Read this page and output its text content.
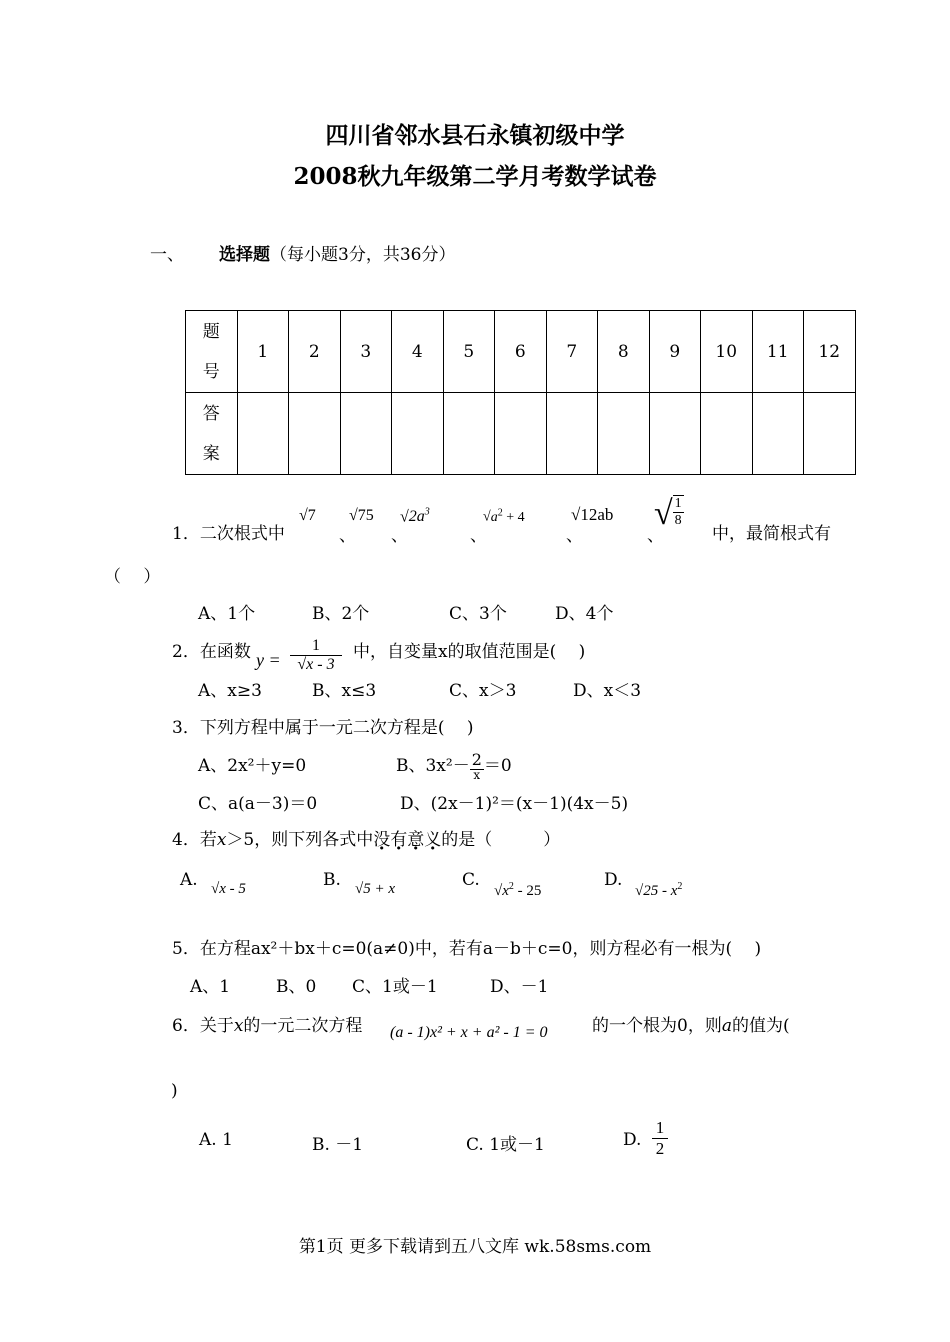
四川省邻水县石永镇初级中学
2008秋九年级第二学月考数学试卷
一、 选择题（每小题3分，共36分）
题
号	1	2	3	4	5	6	7	8	9	10	11	12
答
案												
1．二次根式中
√7
、
√75
、
$√2a^3$
、
$√a^2 + 4$
、
√12ab
、
√ $\frac{1}{8}$
中，最简根式有
（　 ）
A、1个	B、2个	C、3个	D、4个
2．在函数 $y = \frac{1}{√x - 3}$ 中，自变量x的取值范围是(　 )
A、x≥3	B、x≤3	C、x＞3	D、x＜3
3．下列方程中属于一元二次方程是(　 )
A、2x²＋y=0	B、$3x^2- \frac{2}{x} =0$
C、a(a－3)＝0	D、(2x－1)²＝(x－1)(4x－5)
4．若x＞5，则下列各式中没有意义的是（　　　）
A. √x - 5	B. √5 + x	C.
$√x^2 - 25$
D.
$√25 - x^2$
5．在方程ax²＋bx＋c=0(a≠0)中，若有a－b＋c=0，则方程必有一根为(　 )
A、1	B、0 C、1或－1	D、－1
6．关于x的一元二次方程 (a - 1)x² + x + a² - 1 = 0	的一个根为0，则a的值为(
)
A. 1	B. －1	C. 1或－1	D. $\frac{1}{2}$
第1页 更多下载请到五八文库 wk.58sms.com
